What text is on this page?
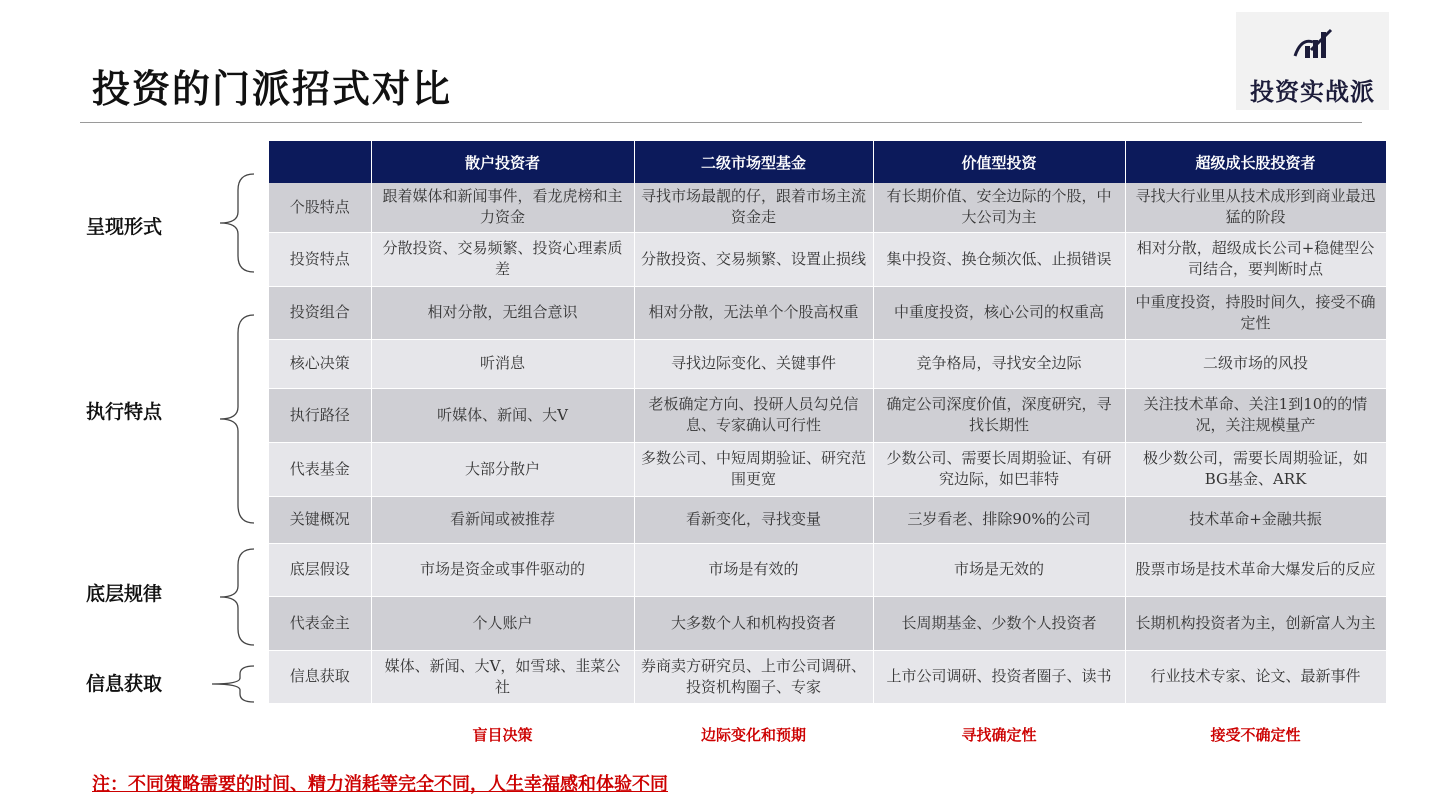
投资的门派招式对比	投资实战派
	散户投资者	二级市场型基金	价值型投资	超级成长股投资者
个股特点	跟着媒体和新闻事件，看龙虎榜和主力资金	寻找市场最靓的仔，跟着市场主流资金走	有长期价值、安全边际的个股，中大公司为主	寻找大行业里从技术成形到商业最迅猛的阶段
投资特点	分散投资、交易频繁、投资心理素质差	分散投资、交易频繁、设置止损线	集中投资、换仓频次低、止损错误	相对分散，超级成长公司+稳健型公司结合，要判断时点
投资组合	相对分散，无组合意识	相对分散，无法单个个股高权重	中重度投资，核心公司的权重高	中重度投资，持股时间久，接受不确定性
核心决策	听消息	寻找边际变化、关键事件	竞争格局，寻找安全边际	二级市场的风投
执行路径	听媒体、新闻、大V	老板确定方向、投研人员勾兑信息、专家确认可行性	确定公司深度价值，深度研究，寻找长期性	关注技术革命、关注1到10的的情况，关注规模量产
代表基金	大部分散户	多数公司、中短周期验证、研究范围更宽	少数公司、需要长周期验证、有研究边际，如巴菲特	极少数公司，需要长周期验证，如BG基金、ARK
关键概况	看新闻或被推荐	看新变化，寻找变量	三岁看老、排除90%的公司	技术革命+金融共振
底层假设	市场是资金或事件驱动的	市场是有效的	市场是无效的	股票市场是技术革命大爆发后的反应
代表金主	个人账户	大多数个人和机构投资者	长周期基金、少数个人投资者	长期机构投资者为主，创新富人为主
信息获取	媒体、新闻、大V，如雪球、韭菜公社	券商卖方研究员、上市公司调研、投资机构圈子、专家	上市公司调研、投资者圈子、读书	行业技术专家、论文、最新事件
呈现形式
执行特点
底层规律
信息获取
盲目决策	边际变化和预期	寻找确定性	接受不确定性
注：不同策略需要的时间、精力消耗等完全不同，人生幸福感和体验不同
